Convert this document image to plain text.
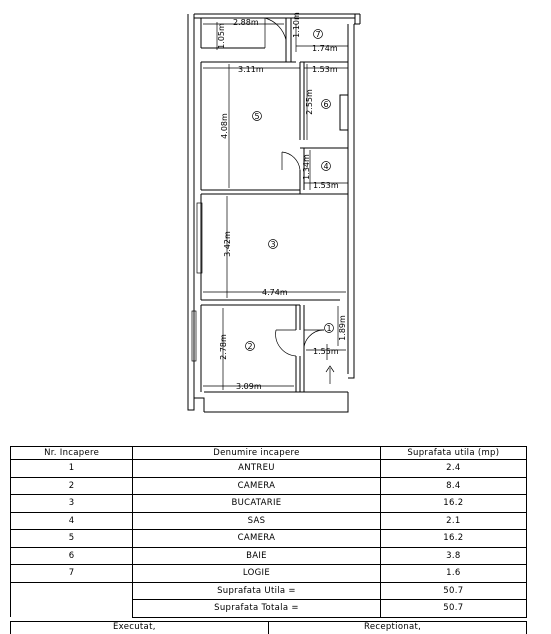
2.88m
1.05m	1.10m
1.74m
3.11m	1.53m
4.08m
2.55m
1.34m
1.53m
3.42m
4.74m
2.78m
1.89m
1.55m
3.09m
7
6
5
4
3
2
1
Nr. Incapere	Denumire incapere	Suprafata utila (mp)
1	ANTREU	2.4
2	CAMERA	8.4
3	BUCATARIE	16.2
4	SAS	2.1
5	CAMERA	16.2
6	BAIE	3.8
7	LOGIE	1.6
	Suprafata Utila =	50.7
	Suprafata Totala =	50.7
Executat,	Receptionat,
